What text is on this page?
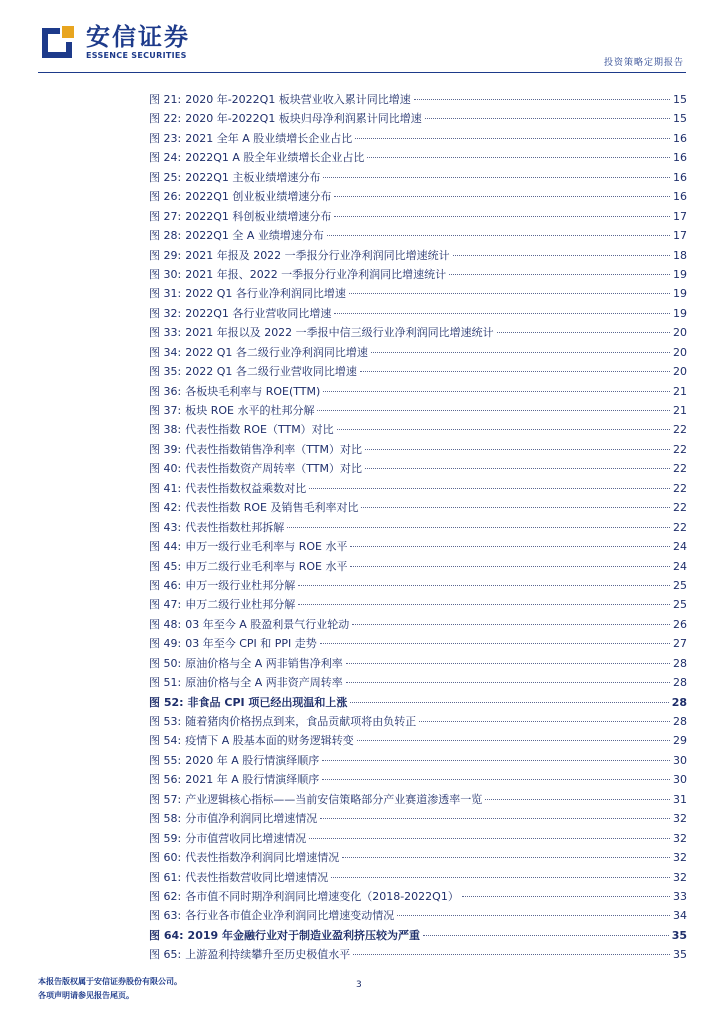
安信证券
ESSENCE SECURITIES
投资策略定期报告
图 21: 2020 年-2022Q1 板块营业收入累计同比增速	15
图 22: 2020 年-2022Q1 板块归母净利润累计同比增速	15
图 23: 2021 全年 A 股业绩增长企业占比	16
图 24: 2022Q1 A 股全年业绩增长企业占比	16
图 25: 2022Q1 主板业绩增速分布	16
图 26: 2022Q1 创业板业绩增速分布	16
图 27: 2022Q1 科创板业绩增速分布	17
图 28: 2022Q1 全 A 业绩增速分布	17
图 29: 2021 年报及 2022 一季报分行业净利润同比增速统计	18
图 30: 2021 年报、2022 一季报分行业净利润同比增速统计	19
图 31: 2022 Q1 各行业净利润同比增速	19
图 32: 2022Q1 各行业营收同比增速	19
图 33: 2021 年报以及 2022 一季报中信三级行业净利润同比增速统计	20
图 34: 2022 Q1 各二级行业净利润同比增速	20
图 35: 2022 Q1 各二级行业营收同比增速	20
图 36: 各板块毛利率与 ROE(TTM)	21
图 37: 板块 ROE 水平的杜邦分解	21
图 38: 代表性指数 ROE（TTM）对比	22
图 39: 代表性指数销售净利率（TTM）对比	22
图 40: 代表性指数资产周转率（TTM）对比	22
图 41: 代表性指数权益乘数对比	22
图 42: 代表性指数 ROE 及销售毛利率对比	22
图 43: 代表性指数杜邦拆解	22
图 44: 申万一级行业毛利率与 ROE 水平	24
图 45: 申万二级行业毛利率与 ROE 水平	24
图 46: 申万一级行业杜邦分解	25
图 47: 申万二级行业杜邦分解	25
图 48: 03 年至今 A 股盈利景气行业轮动	26
图 49: 03 年至今 CPI 和 PPI 走势	27
图 50: 原油价格与全 A 两非销售净利率	28
图 51: 原油价格与全 A 两非资产周转率	28
图 52: 非食品 CPI 项已经出现温和上涨	28
图 53: 随着猪肉价格拐点到来，食品贡献项将由负转正	28
图 54: 疫情下 A 股基本面的财务逻辑转变	29
图 55: 2020 年 A 股行情演绎顺序	30
图 56: 2021 年 A 股行情演绎顺序	30
图 57: 产业逻辑核心指标——当前安信策略部分产业赛道渗透率一览	31
图 58: 分市值净利润同比增速情况	32
图 59: 分市值营收同比增速情况	32
图 60: 代表性指数净利润同比增速情况	32
图 61: 代表性指数营收同比增速情况	32
图 62: 各市值不同时期净利润同比增速变化（2018-2022Q1）	33
图 63: 各行业各市值企业净利润同比增速变动情况	34
图 64: 2019 年金融行业对于制造业盈利挤压较为严重	35
图 65: 上游盈利持续攀升至历史极值水平	35
本报告版权属于安信证券股份有限公司。
各项声明请参见报告尾页。
3
